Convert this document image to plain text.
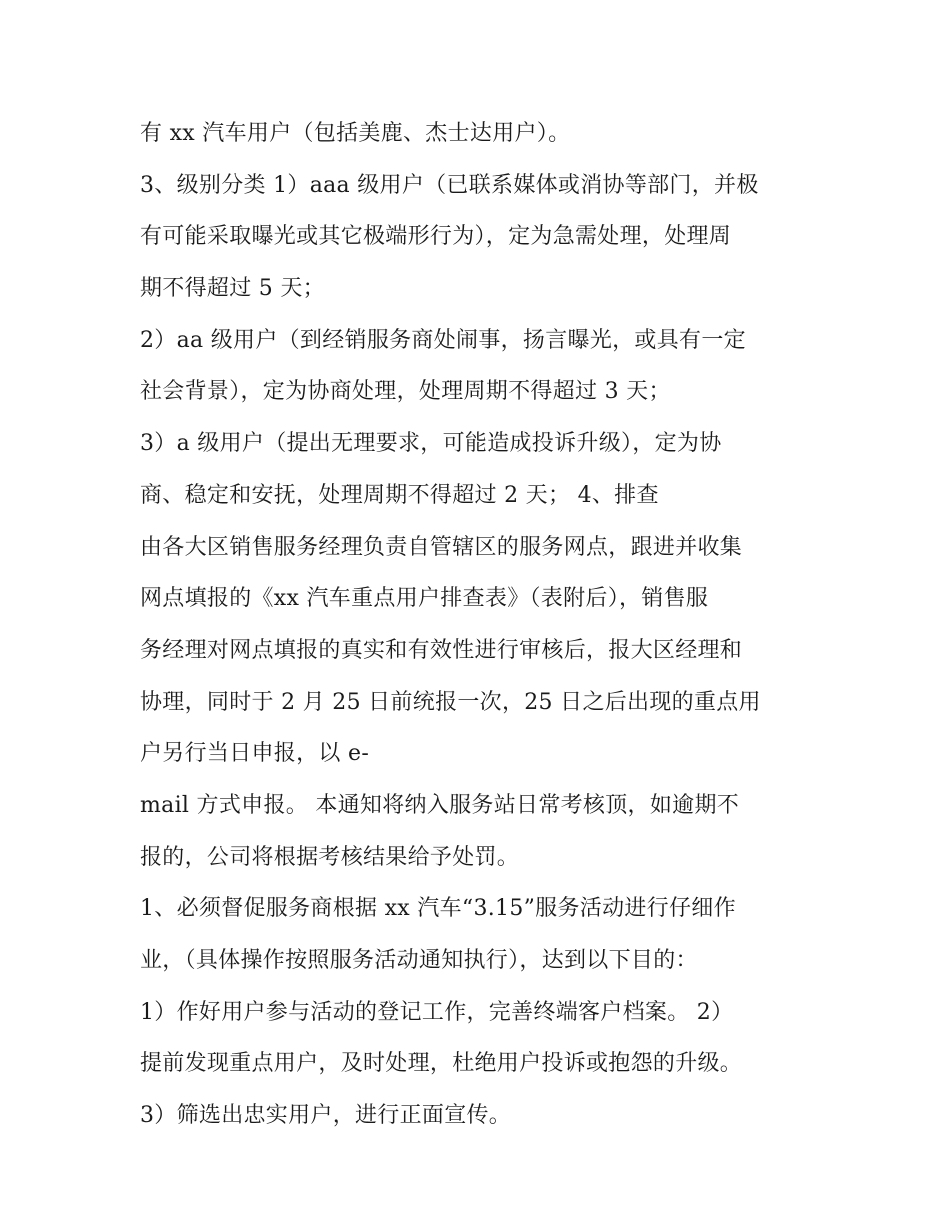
有 xx 汽车用户（包括美鹿、杰士达用户）。
3、级别分类 1）aaa 级用户（已联系媒体或消协等部门，并极
有可能采取曝光或其它极端形行为），定为急需处理，处理周
期不得超过 5 天；
2）aa 级用户（到经销服务商处闹事，扬言曝光，或具有一定
社会背景），定为协商处理，处理周期不得超过 3 天；
3）a 级用户（提出无理要求，可能造成投诉升级），定为协
商、稳定和安抚，处理周期不得超过 2 天； 4、排查
由各大区销售服务经理负责自管辖区的服务网点，跟进并收集
网点填报的《xx 汽车重点用户排查表》（表附后），销售服
务经理对网点填报的真实和有效性进行审核后，报大区经理和
协理，同时于 2 月 25 日前统报一次，25 日之后出现的重点用
户另行当日申报，以 e-
mail 方式申报。 本通知将纳入服务站日常考核顶，如逾期不
报的，公司将根据考核结果给予处罚。
1、必须督促服务商根据 xx 汽车“3.15”服务活动进行仔细作
业，（具体操作按照服务活动通知执行），达到以下目的：
1）作好用户参与活动的登记工作，完善终端客户档案。 2）
提前发现重点用户，及时处理，杜绝用户投诉或抱怨的升级。
3）筛选出忠实用户，进行正面宣传。
